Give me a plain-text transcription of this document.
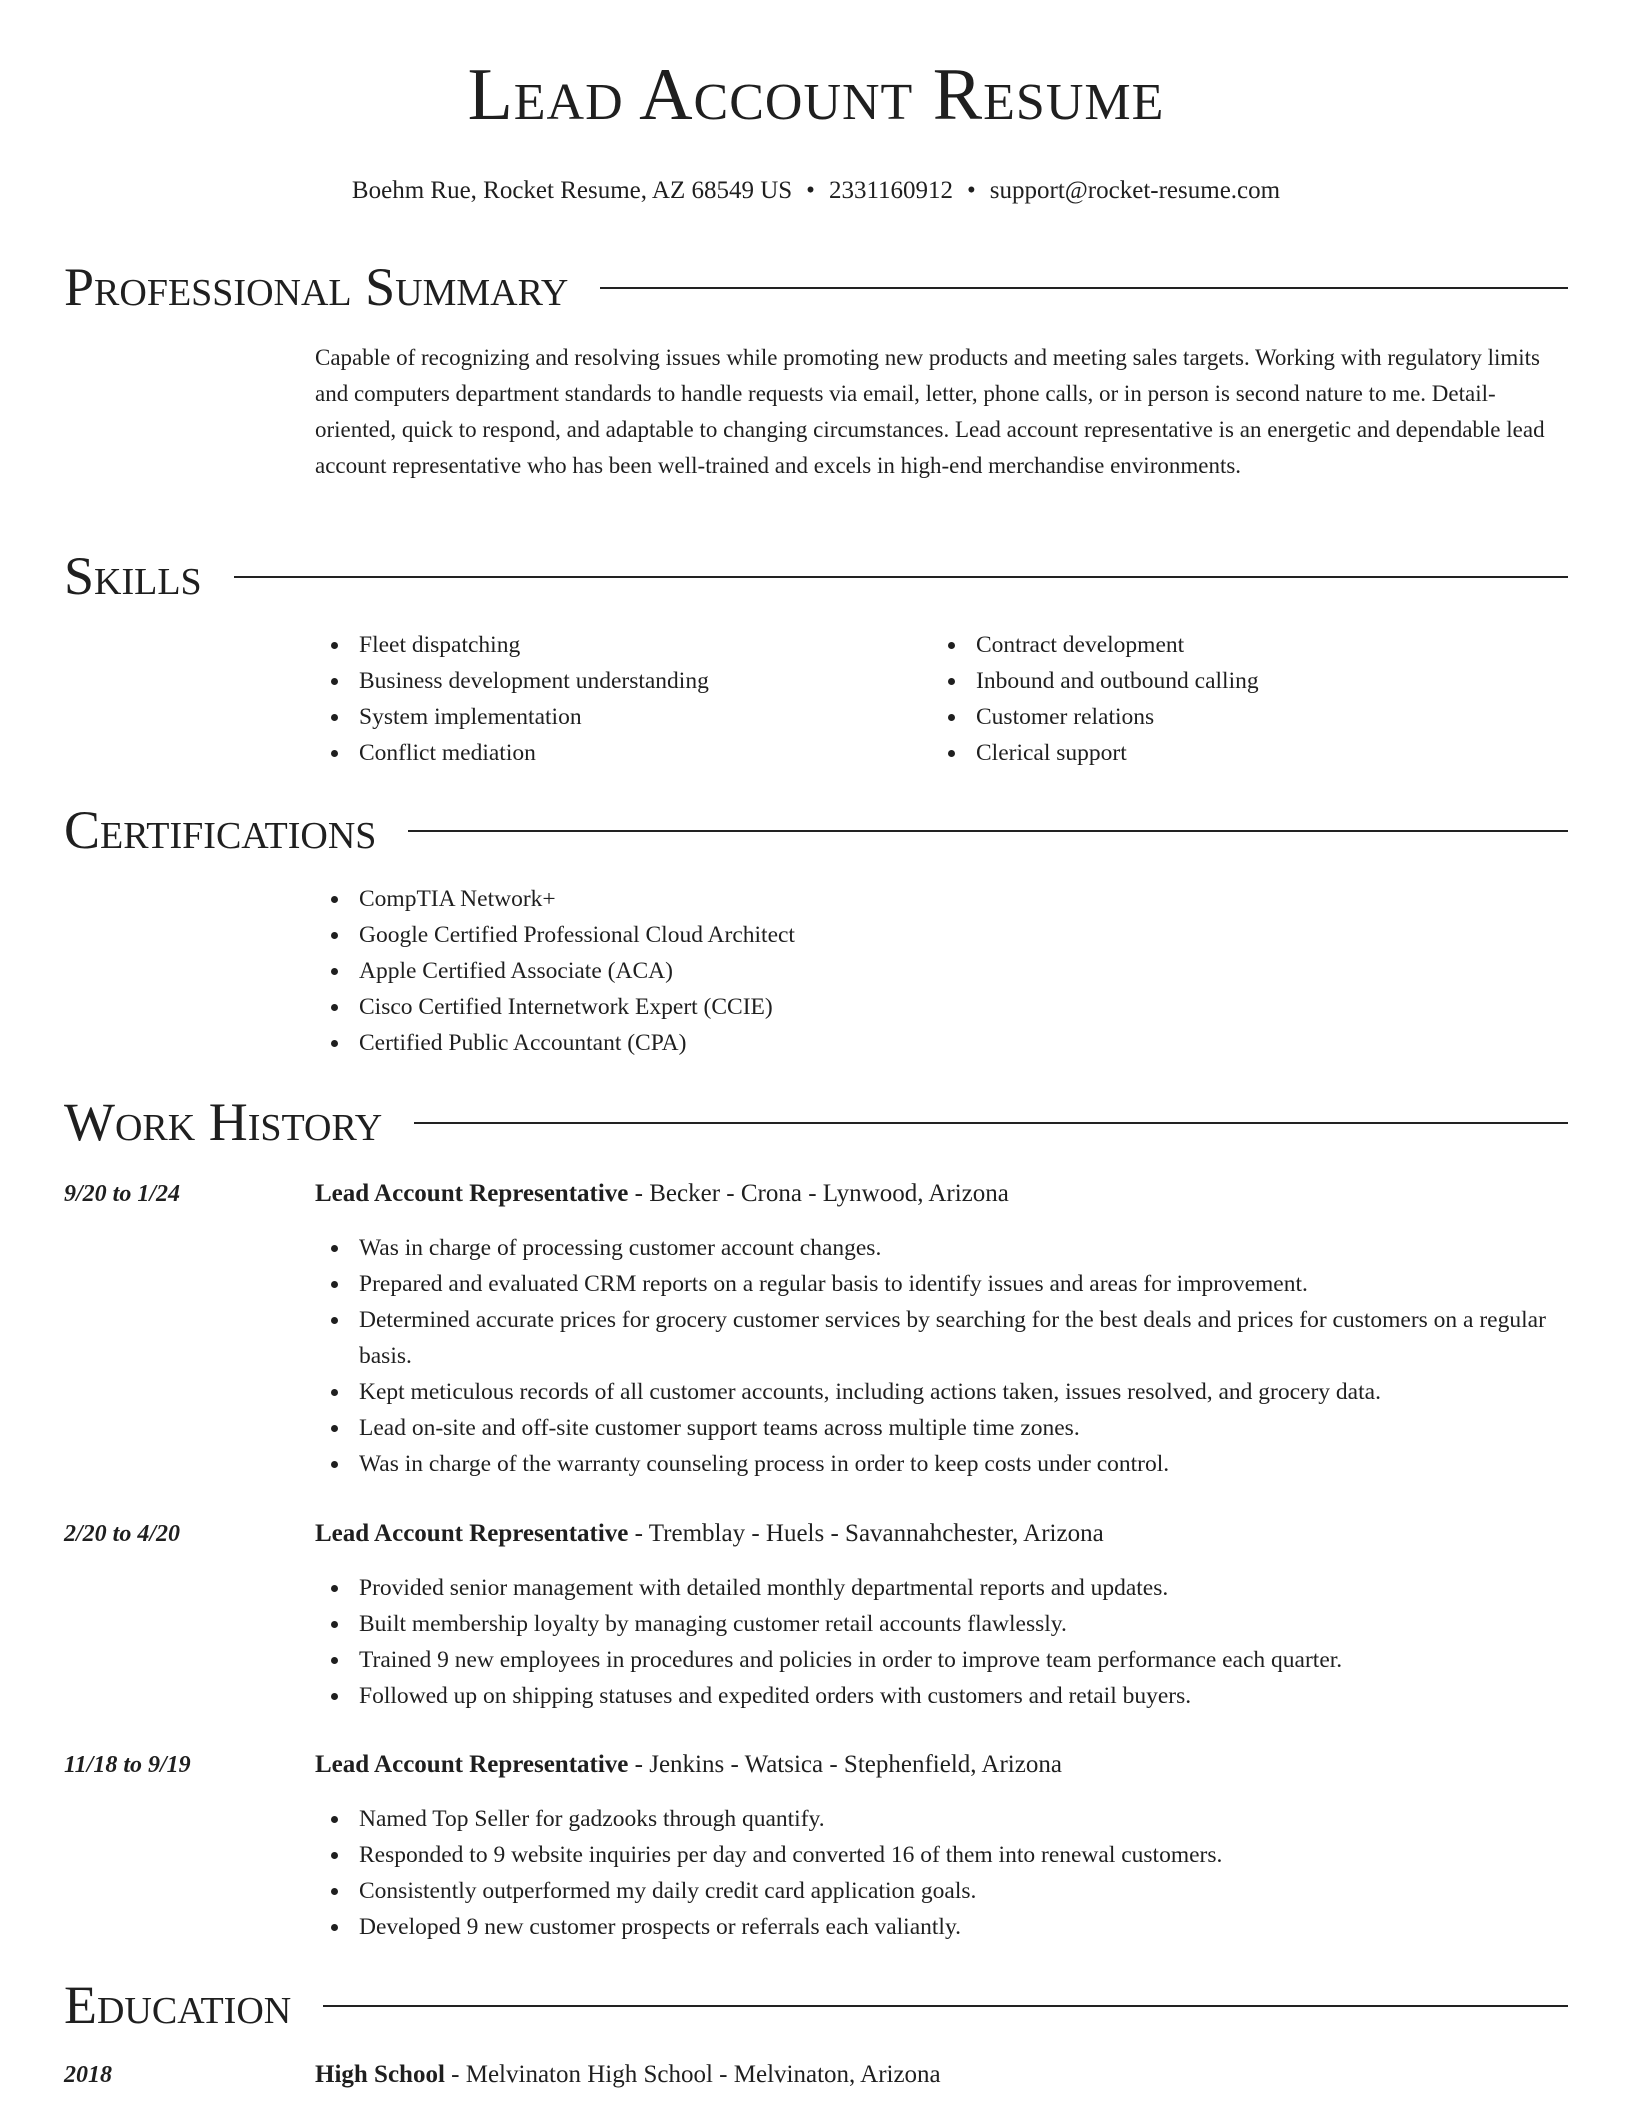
Lead Account Resume
Boehm Rue, Rocket Resume, AZ 68549 US • 2331160912 • support@rocket-resume.com
Professional Summary
Capable of recognizing and resolving issues while promoting new products and meeting sales targets. Working with regulatory limits and computers department standards to handle requests via email, letter, phone calls, or in person is second nature to me. Detail-oriented, quick to respond, and adaptable to changing circumstances. Lead account representative is an energetic and dependable lead account representative who has been well-trained and excels in high-end merchandise environments.
Skills
Fleet dispatching
Business development understanding
System implementation
Conflict mediation
Contract development
Inbound and outbound calling
Customer relations
Clerical support
Certifications
CompTIA Network+
Google Certified Professional Cloud Architect
Apple Certified Associate (ACA)
Cisco Certified Internetwork Expert (CCIE)
Certified Public Accountant (CPA)
Work History
9/20 to 1/24	Lead Account Representative - Becker - Crona - Lynwood, Arizona
Was in charge of processing customer account changes.
Prepared and evaluated CRM reports on a regular basis to identify issues and areas for improvement.
Determined accurate prices for grocery customer services by searching for the best deals and prices for customers on a regular basis.
Kept meticulous records of all customer accounts, including actions taken, issues resolved, and grocery data.
Lead on-site and off-site customer support teams across multiple time zones.
Was in charge of the warranty counseling process in order to keep costs under control.
2/20 to 4/20	Lead Account Representative - Tremblay - Huels - Savannahchester, Arizona
Provided senior management with detailed monthly departmental reports and updates.
Built membership loyalty by managing customer retail accounts flawlessly.
Trained 9 new employees in procedures and policies in order to improve team performance each quarter.
Followed up on shipping statuses and expedited orders with customers and retail buyers.
11/18 to 9/19	Lead Account Representative - Jenkins - Watsica - Stephenfield, Arizona
Named Top Seller for gadzooks through quantify.
Responded to 9 website inquiries per day and converted 16 of them into renewal customers.
Consistently outperformed my daily credit card application goals.
Developed 9 new customer prospects or referrals each valiantly.
Education
2018	High School - Melvinaton High School - Melvinaton, Arizona
